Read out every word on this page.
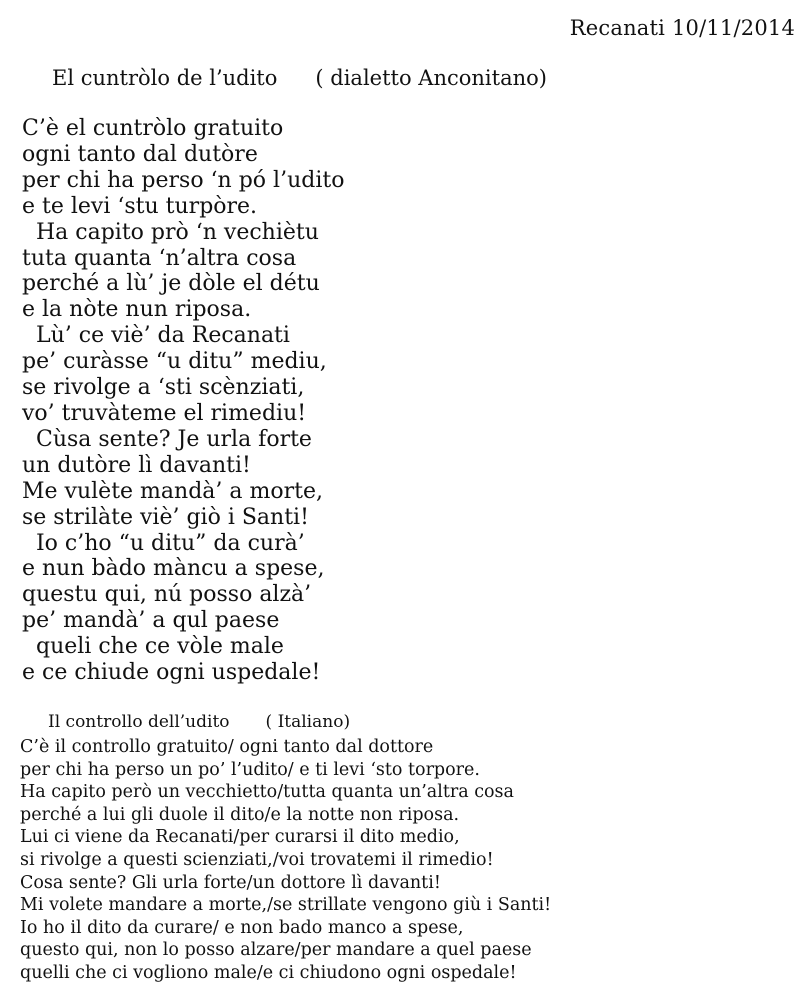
Recanati 10/11/2014
El cuntròlo de l’udito ( dialetto Anconitano)
C’è el cuntròlo gratuito
ogni tanto dal dutòre
per chi ha perso ‘n pó l’udito
e te levi ‘stu turpòre.
Ha capito prò ‘n vechiètu
tuta quanta ‘n’altra cosa
perché a lù’ je dòle el détu
e la nòte nun riposa.
Lù’ ce viè’ da Recanati
pe’ curàsse “u ditu” mediu,
se rivolge a ‘sti scènziati,
vo’ truvàteme el rimediu!
Cùsa sente? Je urla forte
un dutòre lì davanti!
Me vulète mandà’ a morte,
se strilàte viè’ giò i Santi!
Io c’ho “u ditu” da curà’
e nun bàdo màncu a spese,
questu qui, nú posso alzà’
pe’ mandà’ a qul paese
queli che ce vòle male
e ce chiude ogni uspedale!
Il controllo dell’udito ( Italiano)
C’è il controllo gratuito/ ogni tanto dal dottore
per chi ha perso un po’ l’udito/ e ti levi ‘sto torpore.
Ha capito però un vecchietto/tutta quanta un’altra cosa
perché a lui gli duole il dito/e la notte non riposa.
Lui ci viene da Recanati/per curarsi il dito medio,
si rivolge a questi scienziati,/voi trovatemi il rimedio!
Cosa sente? Gli urla forte/un dottore lì davanti!
Mi volete mandare a morte,/se strillate vengono giù i Santi!
Io ho il dito da curare/ e non bado manco a spese,
questo qui, non lo posso alzare/per mandare a quel paese
quelli che ci vogliono male/e ci chiudono ogni ospedale!
